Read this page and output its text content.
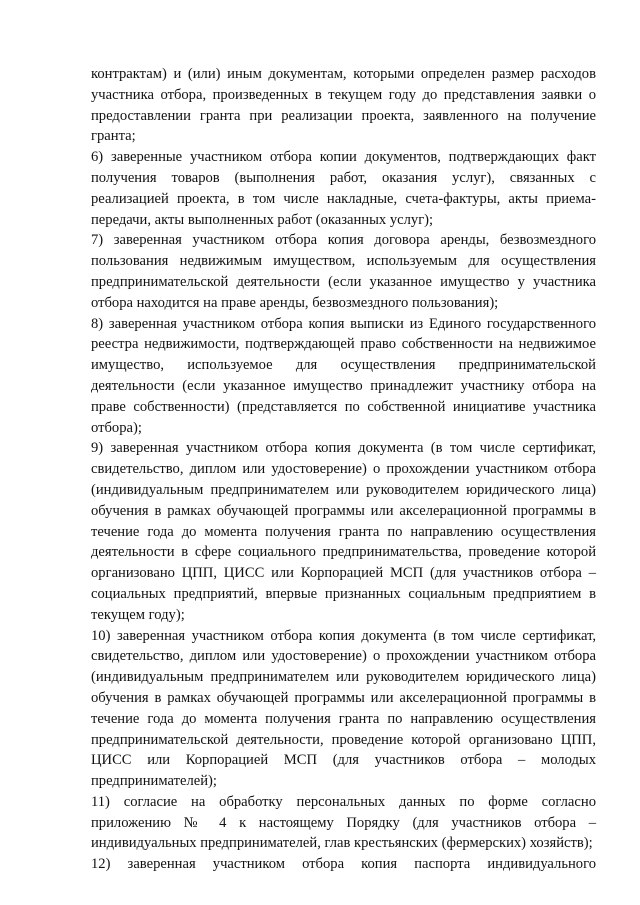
контрактам) и (или) иным документам, которыми определен размер расходов участника отбора, произведенных в текущем году до представления заявки о предоставлении гранта при реализации проекта, заявленного на получение гранта;

6) заверенные участником отбора копии документов, подтверждающих факт получения товаров (выполнения работ, оказания услуг), связанных с реализацией проекта, в том числе накладные, счета-фактуры, акты приема-передачи, акты выполненных работ (оказанных услуг);

7) заверенная участником отбора копия договора аренды, безвозмездного пользования недвижимым имуществом, используемым для осуществления предпринимательской деятельности (если указанное имущество у участника отбора находится на праве аренды, безвозмездного пользования);

8) заверенная участником отбора копия выписки из Единого государственного реестра недвижимости, подтверждающей право собственности на недвижимое имущество, используемое для осуществления предпринимательской деятельности (если указанное имущество принадлежит участнику отбора на праве собственности) (представляется по собственной инициативе участника отбора);

9) заверенная участником отбора копия документа (в том числе сертификат, свидетельство, диплом или удостоверение) о прохождении участником отбора (индивидуальным предпринимателем или руководителем юридического лица) обучения в рамках обучающей программы или акселерационной программы в течение года до момента получения гранта по направлению осуществления деятельности в сфере социального предпринимательства, проведение которой организовано ЦПП, ЦИСС или Корпорацией МСП (для участников отбора – социальных предприятий, впервые признанных социальным предприятием в текущем году);

10) заверенная участником отбора копия документа (в том числе сертификат, свидетельство, диплом или удостоверение) о прохождении участником отбора (индивидуальным предпринимателем или руководителем юридического лица) обучения в рамках обучающей программы или акселерационной программы в течение года до момента получения гранта по направлению осуществления предпринимательской деятельности, проведение которой организовано ЦПП, ЦИСС или Корпорацией МСП (для участников отбора – молодых предпринимателей);

11) согласие на обработку персональных данных по форме согласно приложению № 4 к настоящему Порядку (для участников отбора – индивидуальных предпринимателей, глав крестьянских (фермерских) хозяйств);

12) заверенная участником отбора копия паспорта индивидуального
